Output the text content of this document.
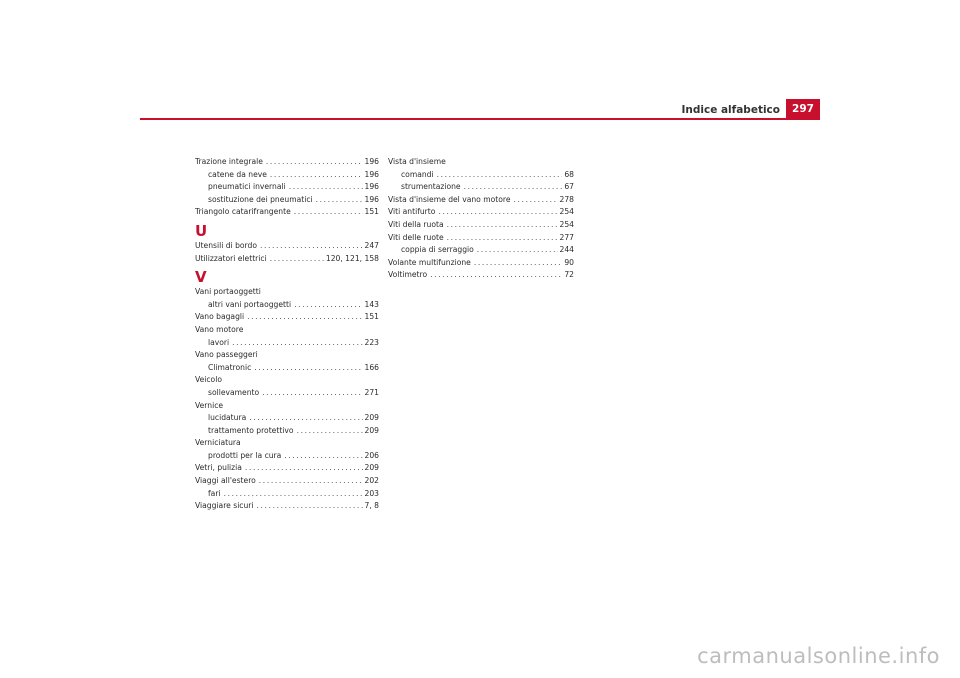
Indice alfabetico	297
Trazione integrale .....	196
catene da neve .....	196
pneumatici invernali .....	196
sostituzione dei pneumatici .....	196
Triangolo catarifrangente .....	151
U
Utensili di bordo .....	247
Utilizzatori elettrici .....	120, 121, 158
V
Vani portaoggetti
altri vani portaoggetti .....	143
Vano bagagli .....	151
Vano motore
lavori .....	223
Vano passeggeri
Climatronic .....	166
Veicolo
sollevamento .....	271
Vernice
lucidatura .....	209
trattamento protettivo .....	209
Verniciatura
prodotti per la cura .....	206
Vetri, pulizia .....	209
Viaggi all'estero .....	202
fari .....	203
Viaggiare sicuri .....	7, 8
Vista d'insieme
comandi .....	68
strumentazione .....	67
Vista d'insieme del vano motore .....	278
Viti antifurto .....	254
Viti della ruota .....	254
Viti delle ruote .....	277
coppia di serraggio .....	244
Volante multifunzione .....	90
Voltimetro .....	72
carmanualsonline.info
